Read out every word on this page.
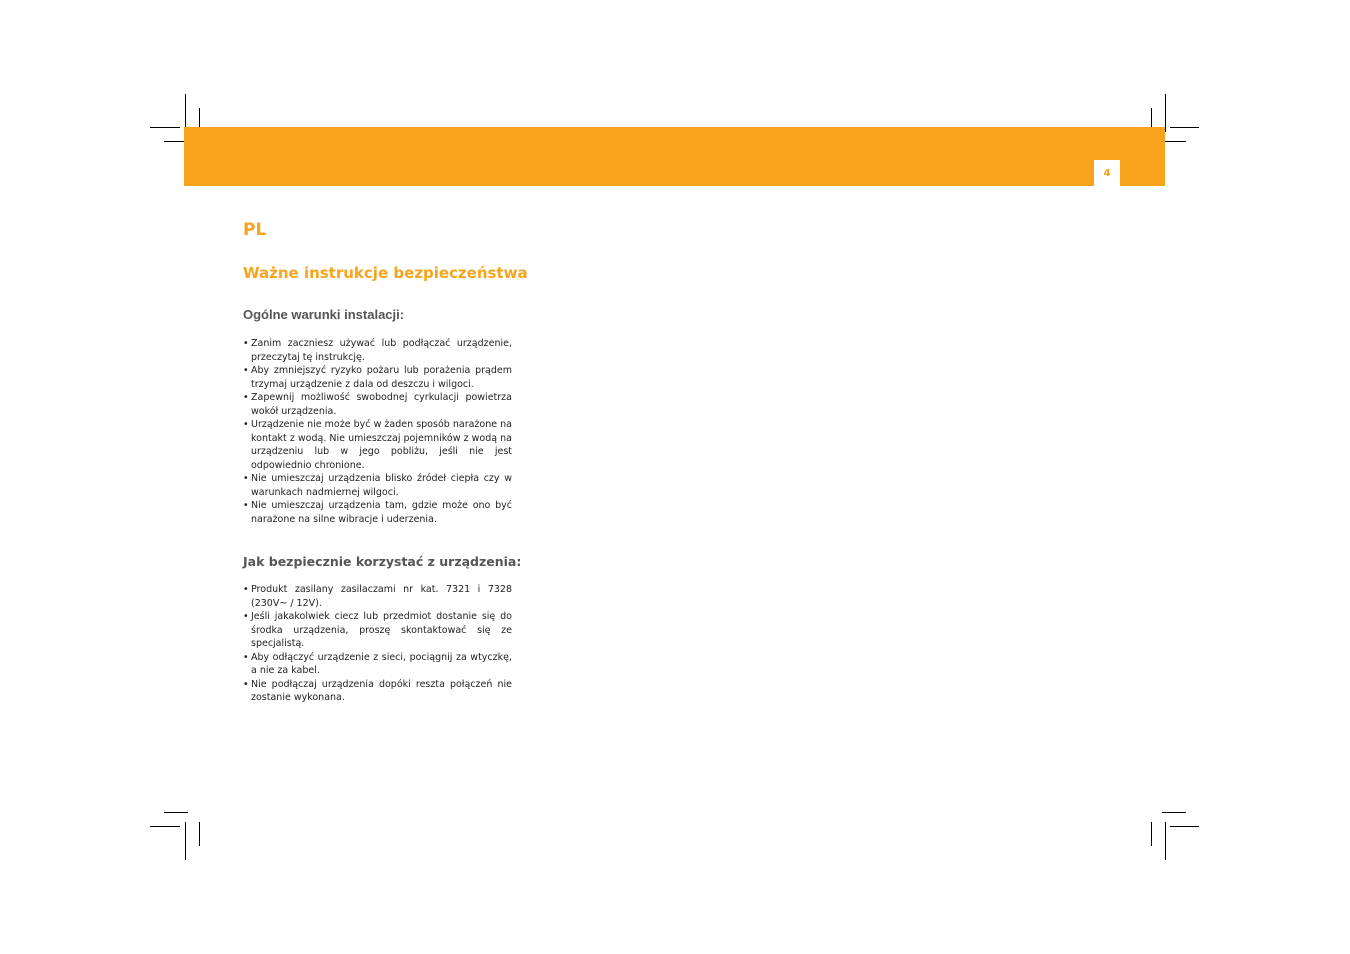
4
PL
Ważne instrukcje bezpieczeństwa
Ogólne warunki instalacji:
• Zanim zaczniesz używać lub podłączać urządzenie, przeczytaj tę instrukcję.
• Aby zmniejszyć ryzyko pożaru lub porażenia prądem trzymaj urządzenie z dala od deszczu i wilgoci.
• Zapewnij możliwość swobodnej cyrkulacji powietrza wokół urządzenia.
• Urządzenie nie może być w żaden sposób narażone na kontakt z wodą. Nie umieszczaj pojemników z wodą na urządzeniu lub w jego pobliżu, jeśli nie jest odpowiednio chronione.
• Nie umieszczaj urządzenia blisko źródeł ciepła czy w warunkach nadmiernej wilgoci.
• Nie umieszczaj urządzenia tam, gdzie może ono być narażone na silne wibracje i uderzenia.
Jak bezpiecznie korzystać z urządzenia:
• Produkt zasilany zasilaczami nr kat. 7321 i 7328 (230V~ / 12V).
• Jeśli jakakolwiek ciecz lub przedmiot dostanie się do środka urządzenia, proszę skontaktować się ze specjalistą.
• Aby odłączyć urządzenie z sieci, pociągnij za wtyczkę, a nie za kabel.
• Nie podłączaj urządzenia dopóki reszta połączeń nie zostanie wykonana.
